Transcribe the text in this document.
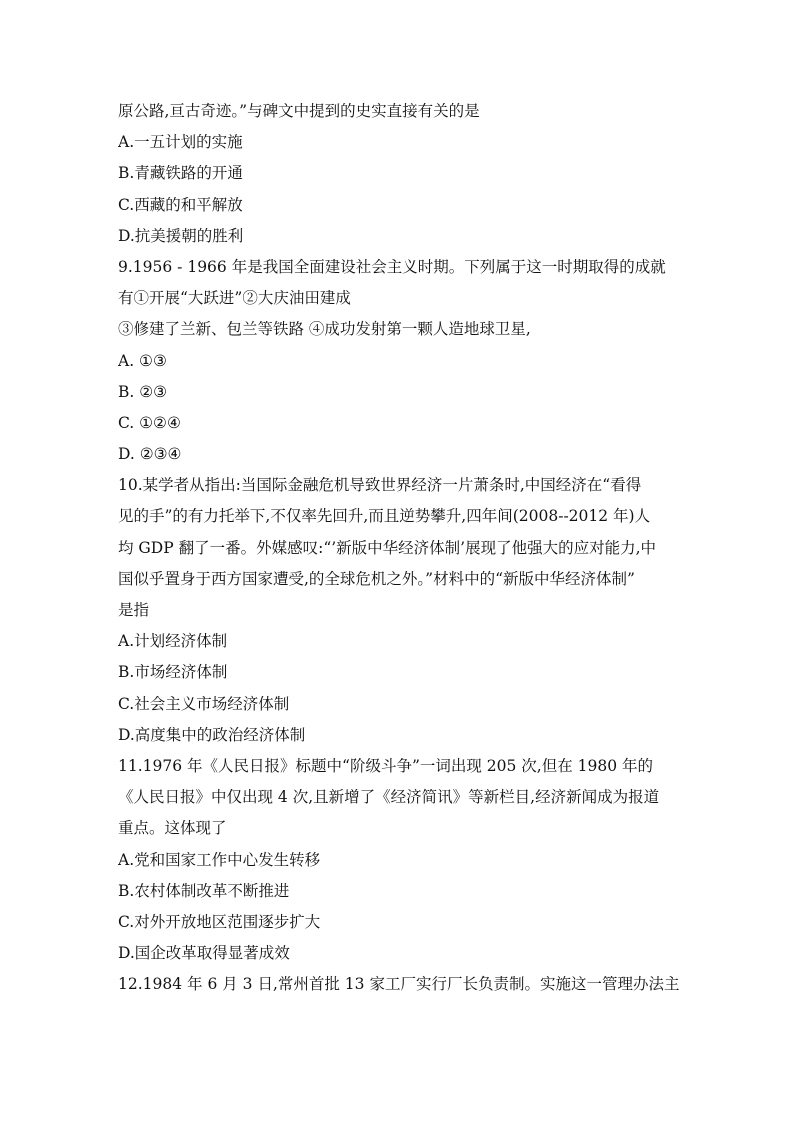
原公路,亘古奇迹。”与碑文中提到的史实直接有关的是
A.一五计划的实施
B.青藏铁路的开通
C.西藏的和平解放
D.抗美援朝的胜利
9.1956 - 1966 年是我国全面建设社会主义时期。下列属于这一时期取得的成就
有①开展“大跃进”②大庆油田建成
③修建了兰新、包兰等铁路 ④成功发射第一颗人造地球卫星,
A. ①③
B. ②③
C. ①②④
D. ②③④
10.某学者从指出:当国际金融危机导致世界经济一片萧条时,中国经济在“看得
见的手”的有力托举下,不仅率先回升,而且逆势攀升,四年间(2008--2012 年)人
均 GDP 翻了一番。外媒感叹:“’新版中华经济体制’展现了他强大的应对能力,中
国似乎置身于西方国家遭受,的全球危机之外。”材料中的“新版中华经济体制”
是指
A.计划经济体制
B.市场经济体制
C.社会主义市场经济体制
D.高度集中的政治经济体制
11.1976 年《人民日报》标题中“阶级斗争”一词出现 205 次,但在 1980 年的
《人民日报》中仅出现 4 次,且新增了《经济简讯》等新栏目,经济新闻成为报道
重点。这体现了
A.党和国家工作中心发生转移
B.农村体制改革不断推进
C.对外开放地区范围逐步扩大
D.国企改革取得显著成效
12.1984 年 6 月 3 日,常州首批 13 家工厂实行厂长负责制。实施这一管理办法主
